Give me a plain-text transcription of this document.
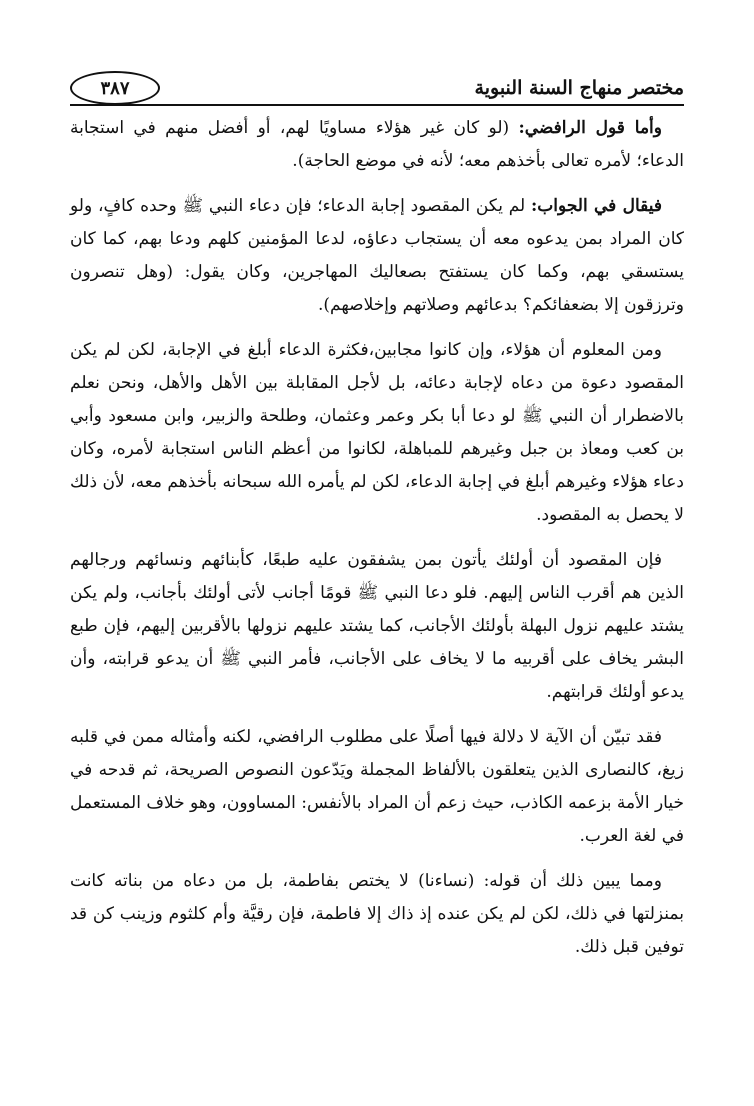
مختصر منهاج السنة النبوية
٣٨٧

وأما قول الرافضي: (لو كان غير هؤلاء مساويًا لهم، أو أفضل منهم في استجابة الدعاء؛ لأمره تعالى بأخذهم معه؛ لأنه في موضع الحاجة).

فيقال في الجواب: لم يكن المقصود إجابة الدعاء؛ فإن دعاء النبي ﷺ وحده كافٍ، ولو كان المراد بمن يدعوه معه أن يستجاب دعاؤه، لدعا المؤمنين كلهم ودعا بهم، كما كان يستسقي بهم، وكما كان يستفتح بصعاليك المهاجرين، وكان يقول: (وهل تنصرون وترزقون إلا بضعفائكم؟ بدعائهم وصلاتهم وإخلاصهم).

ومن المعلوم أن هؤلاء، وإن كانوا مجابين،فكثرة الدعاء أبلغ في الإجابة، لكن لم يكن المقصود دعوة من دعاه لإجابة دعائه، بل لأجل المقابلة بين الأهل والأهل، ونحن نعلم بالاضطرار أن النبي ﷺ لو دعا أبا بكر وعمر وعثمان، وطلحة والزبير، وابن مسعود وأبي بن كعب ومعاذ بن جبل وغيرهم للمباهلة، لكانوا من أعظم الناس استجابة لأمره، وكان دعاء هؤلاء وغيرهم أبلغ في إجابة الدعاء، لكن لم يأمره الله سبحانه بأخذهم معه، لأن ذلك لا يحصل به المقصود.

فإن المقصود أن أولئك يأتون بمن يشفقون عليه طبعًا، كأبنائهم ونسائهم ورجالهم الذين هم أقرب الناس إليهم. فلو دعا النبي ﷺ قومًا أجانب لأتى أولئك بأجانب، ولم يكن يشتد عليهم نزول البهلة بأولئك الأجانب، كما يشتد عليهم نزولها بالأقربين إليهم، فإن طبع البشر يخاف على أقربيه ما لا يخاف على الأجانب، فأمر النبي ﷺ أن يدعو قرابته، وأن يدعو أولئك قرابتهم.

فقد تبيّن أن الآية لا دلالة فيها أصلًا على مطلوب الرافضي، لكنه وأمثاله ممن في قلبه زيغ، كالنصارى الذين يتعلقون بالألفاظ المجملة ويَدّعون النصوص الصريحة، ثم قدحه في خيار الأمة بزعمه الكاذب، حيث زعم أن المراد بالأنفس: المساوون، وهو خلاف المستعمل في لغة العرب.

ومما يبين ذلك أن قوله: (نساءنا) لا يختص بفاطمة، بل من دعاه من بناته كانت بمنزلتها في ذلك، لكن لم يكن عنده إذ ذاك إلا فاطمة، فإن رقيَّة وأم كلثوم وزينب كن قد توفين قبل ذلك.
